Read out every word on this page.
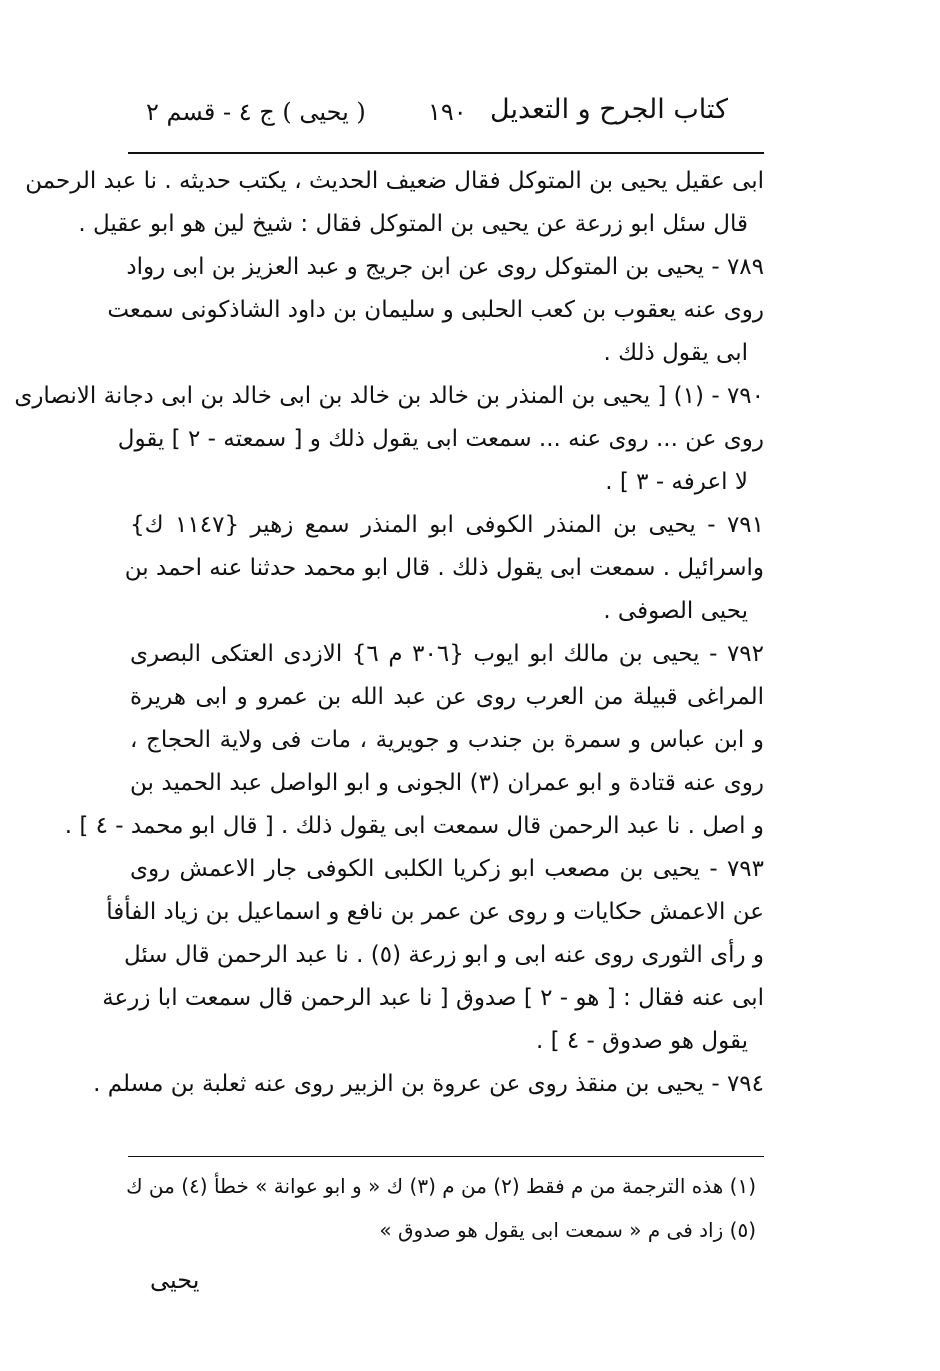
كتاب الجرح و التعديل
١٩٠
( يحيى ) ج ٤ - قسم ٢
ابى عقيل يحيى بن المتوكل فقال ضعيف الحديث ، يكتب حديثه . نا عبد الرحمن
قال سئل ابو زرعة عن يحيى بن المتوكل فقال : شيخ لين هو ابو عقيل .
٧٨٩ - يحيى بن المتوكل روى عن ابن جريج و عبد العزيز بن ابى رواد
روى عنه يعقوب بن كعب الحلبى و سليمان بن داود الشاذكونى سمعت
ابى يقول ذلك .
٧٩٠ - (١) [ يحيى بن المنذر بن خالد بن خالد بن ابى خالد بن ابى دجانة الانصارى
روى عن ... روى عنه ... سمعت ابى يقول ذلك و [ سمعته - ٢ ] يقول
لا اعرفه - ٣ ] .
٧٩١ - يحيى بن المنذر الكوفى ابو المنذر سمع زهير {١١٤٧ ك}
واسرائيل . سمعت ابى يقول ذلك . قال ابو محمد حدثنا عنه احمد بن
يحيى الصوفى .
٧٩٢ - يحيى بن مالك ابو ايوب {٣٠٦ م ٦} الازدى العتكى البصرى
المراغى قبيلة من العرب روى عن عبد الله بن عمرو و ابى هريرة
و ابن عباس و سمرة بن جندب و جويرية ، مات فى ولاية الحجاج ،
روى عنه قتادة و ابو عمران (٣) الجونى و ابو الواصل عبد الحميد بن
و اصل . نا عبد الرحمن قال سمعت ابى يقول ذلك . [ قال ابو محمد - ٤ ] .
٧٩٣ - يحيى بن مصعب ابو زكريا الكلبى الكوفى جار الاعمش روى
عن الاعمش حكايات و روى عن عمر بن نافع و اسماعيل بن زياد الفأفأ
و رأى الثورى روى عنه ابى و ابو زرعة (٥) . نا عبد الرحمن قال سئل
ابى عنه فقال : [ هو - ٢ ] صدوق [ نا عبد الرحمن قال سمعت ابا زرعة
يقول هو صدوق - ٤ ] .
٧٩٤ - يحيى بن منقذ روى عن عروة بن الزبير روى عنه ثعلبة بن مسلم .
(١) هذه الترجمة من م فقط (٢) من م (٣) ك « و ابو عوانة » خطأ (٤) من ك
(٥) زاد فى م « سمعت ابى يقول هو صدوق »
يحيى
